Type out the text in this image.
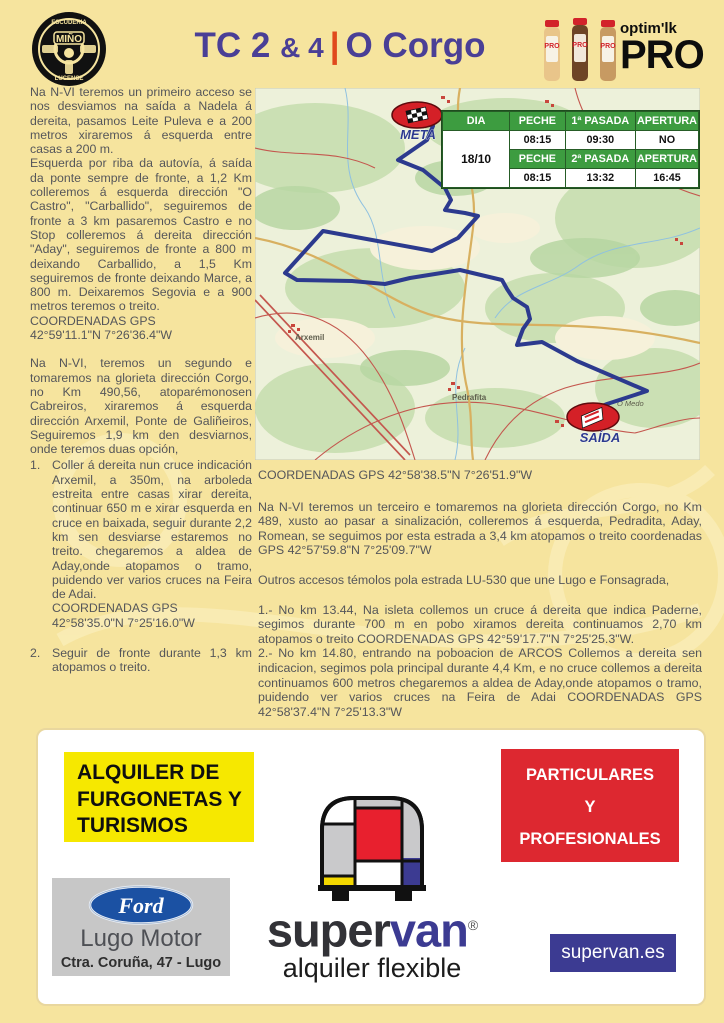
MIÑO
ESCUDERIA
LUCENSE
TC 2 & 4 | O Corgo	PRO PRO PRO
optim'lk
PRO

Na N-VI teremos un primeiro acceso se nos desviamos na saída a Nadela á dereita, pasamos Leite Puleva e a 200 metros xiraremos á esquerda entre casas a 200 m.

Esquerda por riba da autovía, á saída da ponte sempre de fronte, a 1,2 Km colleremos á esquerda dirección "O Castro", "Carballido", seguiremos de fronte a 3 km pasaremos Castro e no Stop colleremos á dereita dirección "Aday", seguiremos de fronte a 800 m deixando Carballido, a 1,5 Km seguiremos de fronte deixando Marce, a 800 m. Deixaremos Segovia e a 900 metros teremos o treito.

COORDENADAS GPS

42°59'11.1"N 7°26'36.4"W

Na N-VI, teremos un segundo e tomaremos na glorieta dirección Corgo, no Km 490,56, atoparémonosen Cabreiros, xiraremos á esquerda dirección Arxemil, Ponte de Galiñeiros, Seguiremos 1,9 km den desviarnos, onde teremos duas opción,

1. Coller á dereita nun cruce indicación Arxemil, a 350m, na arboleda estreita entre casas xirar dereita, continuar 650 m e xirar esquerda en cruce en baixada, seguir durante 2,2 km sen desviarse estaremos no treito. chegaremos a aldea de Aday,onde atopamos o tramo, puidendo ver varios cruces na Feira de Adai.
COORDENADAS GPS
42°58'35.0"N 7°25'16.0"W
2. Seguir de fronte durante 1,3 km atopamos o treito.
Arxemil
Pedrafita
O Medo
META
SAÍDA
DIA	PECHE	1ª PASADA	APERTURA
18/10	08:15	09:30	NO
	PECHE	2ª PASADA	APERTURA
	08:15	13:32	16:45

COORDENADAS GPS 42°58'38.5"N 7°26'51.9"W

Na N-VI teremos un terceiro e tomaremos na glorieta dirección Corgo, no Km 489, xusto ao pasar a sinalización, colleremos á esquerda, Pedradita, Aday, Romean, se seguimos por esta estrada a 3,4 km atopamos o treito coordenadas GPS 42°57'59.8"N 7°25'09.7"W

Outros accesos témolos pola estrada LU-530 que une Lugo e Fonsagrada,

1.- No km 13.44, Na isleta collemos un cruce á dereita que indica Paderne, segimos durante 700 m en pobo xiramos dereita continuamos 2,70 km atopamos o treito COORDENADAS GPS 42°59'17.7"N 7°25'25.3"W.

2.- No km 14.80, entrando na poboacion de ARCOS Collemos a dereita sen indicacion, segimos pola principal durante 4,4 Km, e no cruce collemos a dereita continuamos 600 metros chegaremos a aldea de Aday,onde atopamos o tramo, puidendo ver varios cruces na Feira de Adai COORDENADAS GPS 42°58'37.4"N 7°25'13.3"W

ALQUILER DE
FURGONETAS Y
TURISMOS
PARTICULARES
Y
PROFESIONALES
Ford
Lugo Motor
Ctra. Coruña, 47 - Lugo
supervan®
alquiler flexible
supervan.es
